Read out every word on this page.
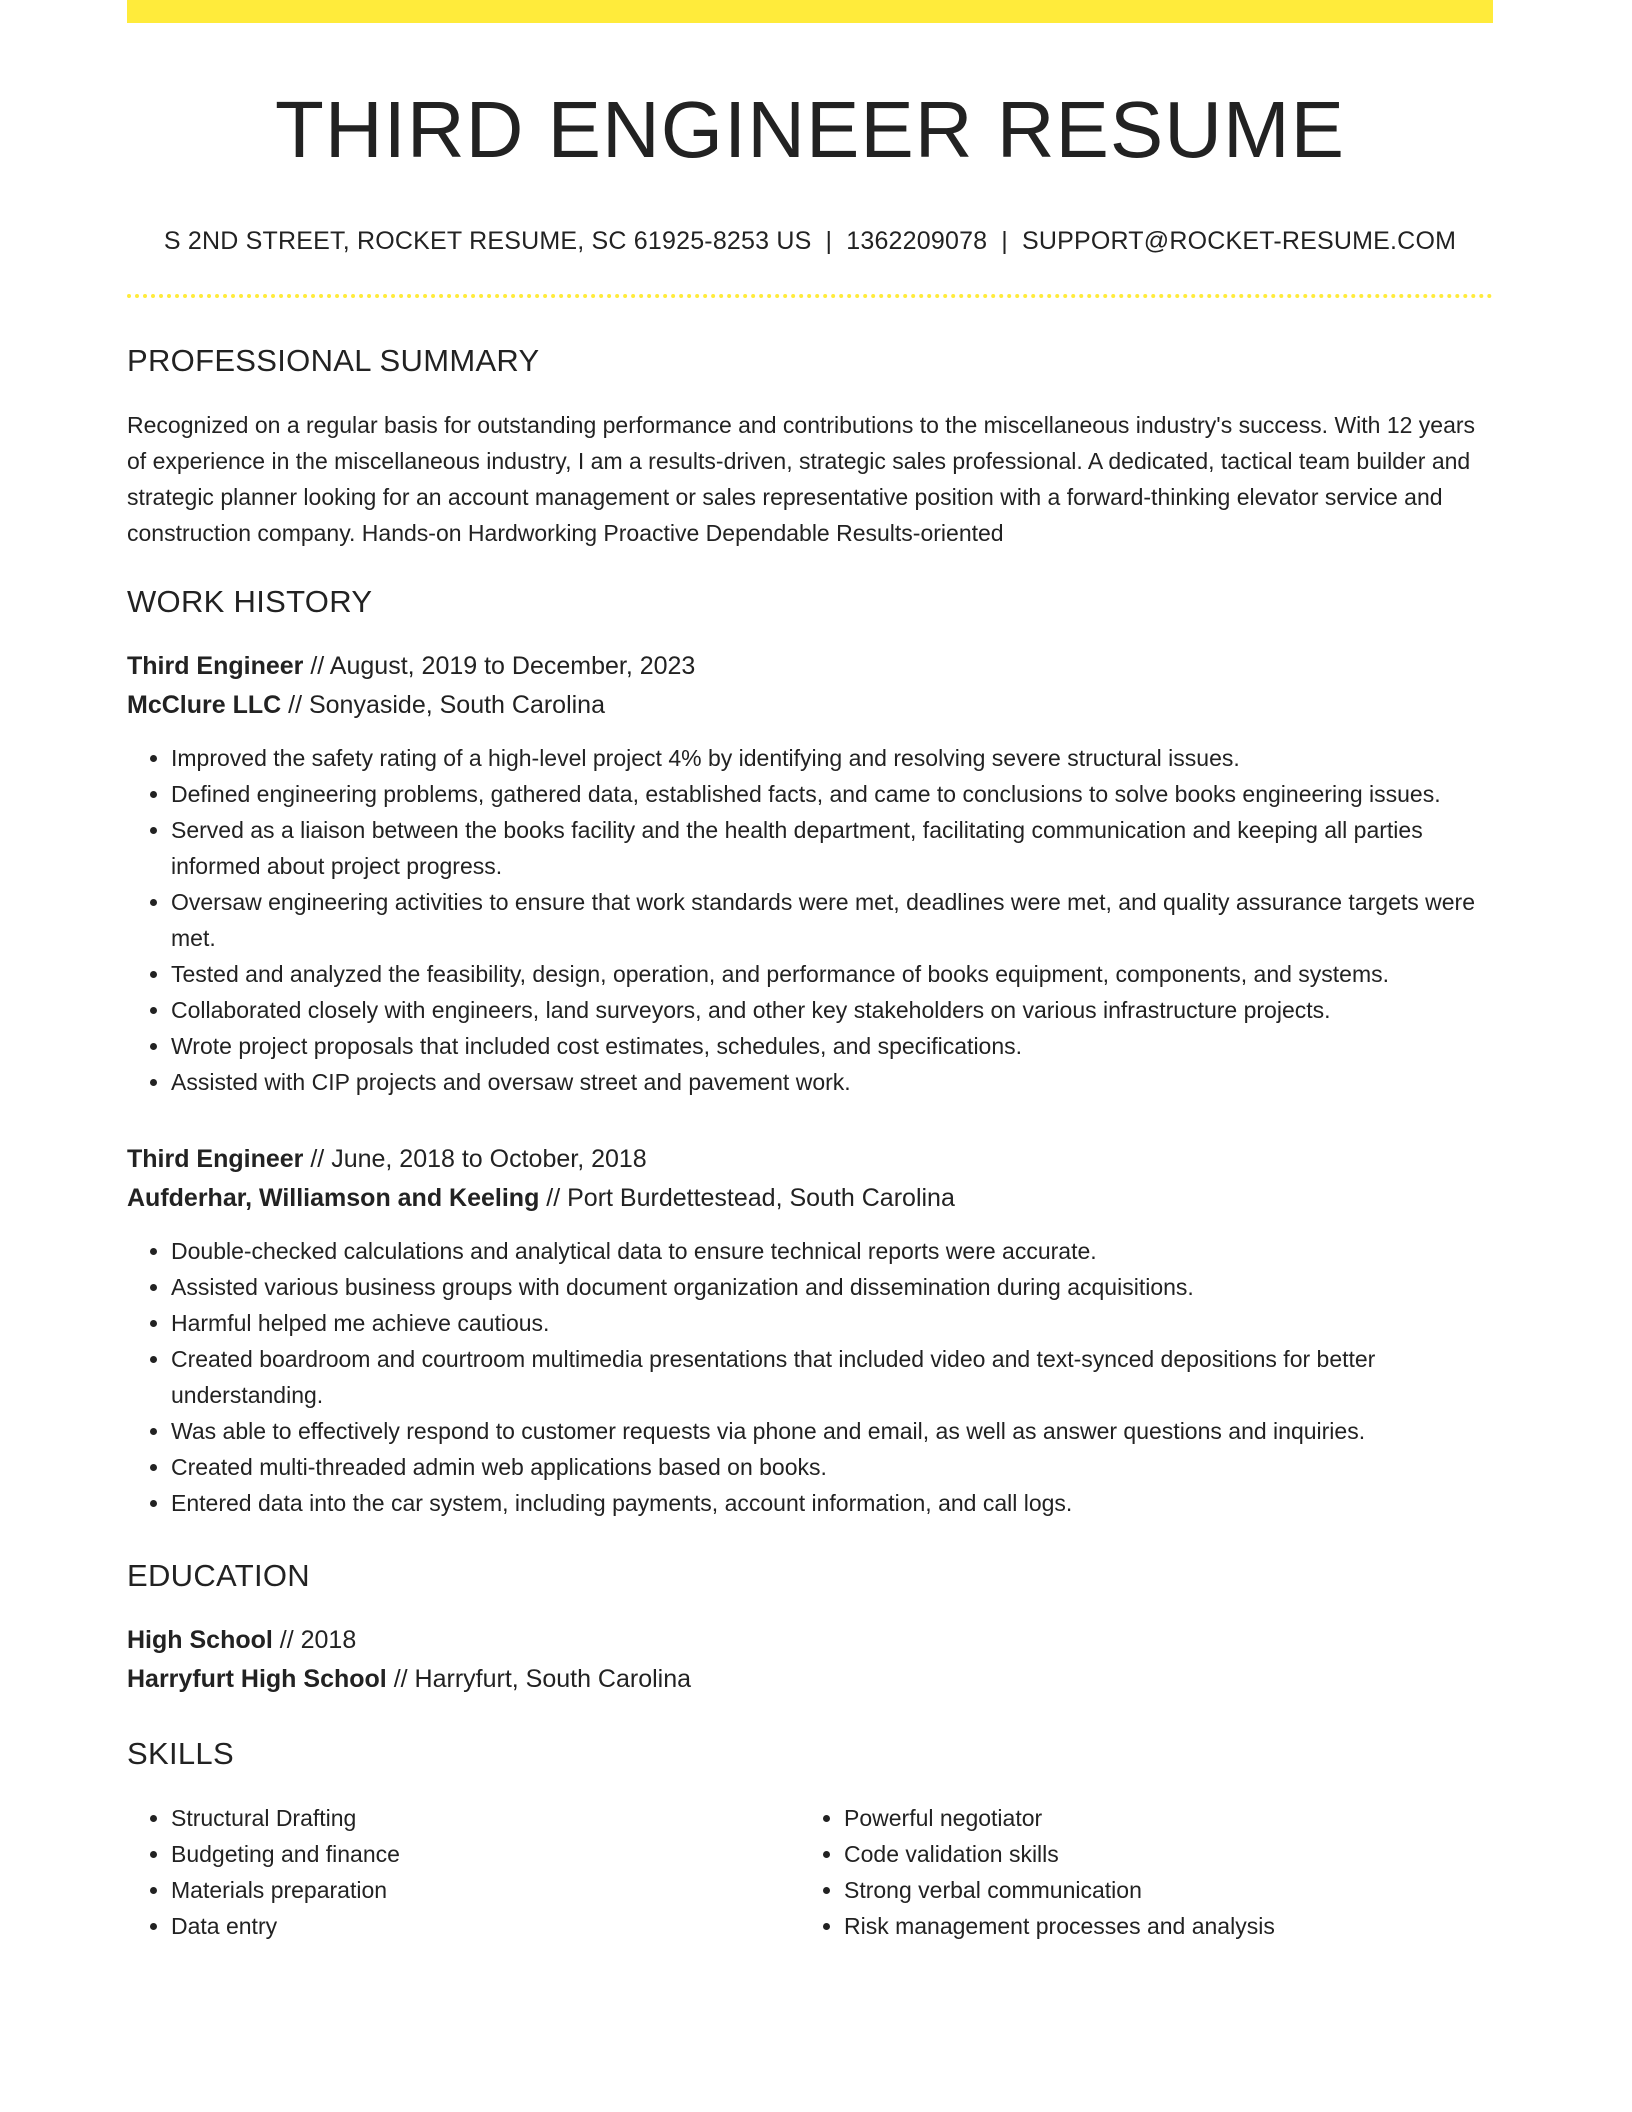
THIRD ENGINEER RESUME
S 2ND STREET, ROCKET RESUME, SC 61925-8253 US | 1362209078 | SUPPORT@ROCKET-RESUME.COM
PROFESSIONAL SUMMARY
Recognized on a regular basis for outstanding performance and contributions to the miscellaneous industry's success. With 12 years of experience in the miscellaneous industry, I am a results-driven, strategic sales professional. A dedicated, tactical team builder and strategic planner looking for an account management or sales representative position with a forward-thinking elevator service and construction company. Hands-on Hardworking Proactive Dependable Results-oriented
WORK HISTORY
Third Engineer // August, 2019 to December, 2023
McClure LLC // Sonyaside, South Carolina
• Improved the safety rating of a high-level project 4% by identifying and resolving severe structural issues.
• Defined engineering problems, gathered data, established facts, and came to conclusions to solve books engineering issues.
• Served as a liaison between the books facility and the health department, facilitating communication and keeping all parties informed about project progress.
• Oversaw engineering activities to ensure that work standards were met, deadlines were met, and quality assurance targets were met.
• Tested and analyzed the feasibility, design, operation, and performance of books equipment, components, and systems.
• Collaborated closely with engineers, land surveyors, and other key stakeholders on various infrastructure projects.
• Wrote project proposals that included cost estimates, schedules, and specifications.
• Assisted with CIP projects and oversaw street and pavement work.
Third Engineer // June, 2018 to October, 2018
Aufderhar, Williamson and Keeling // Port Burdettestead, South Carolina
• Double-checked calculations and analytical data to ensure technical reports were accurate.
• Assisted various business groups with document organization and dissemination during acquisitions.
• Harmful helped me achieve cautious.
• Created boardroom and courtroom multimedia presentations that included video and text-synced depositions for better understanding.
• Was able to effectively respond to customer requests via phone and email, as well as answer questions and inquiries.
• Created multi-threaded admin web applications based on books.
• Entered data into the car system, including payments, account information, and call logs.
EDUCATION
High School // 2018
Harryfurt High School // Harryfurt, South Carolina
SKILLS
• Structural Drafting
• Budgeting and finance
• Materials preparation
• Data entry
• Powerful negotiator
• Code validation skills
• Strong verbal communication
• Risk management processes and analysis
